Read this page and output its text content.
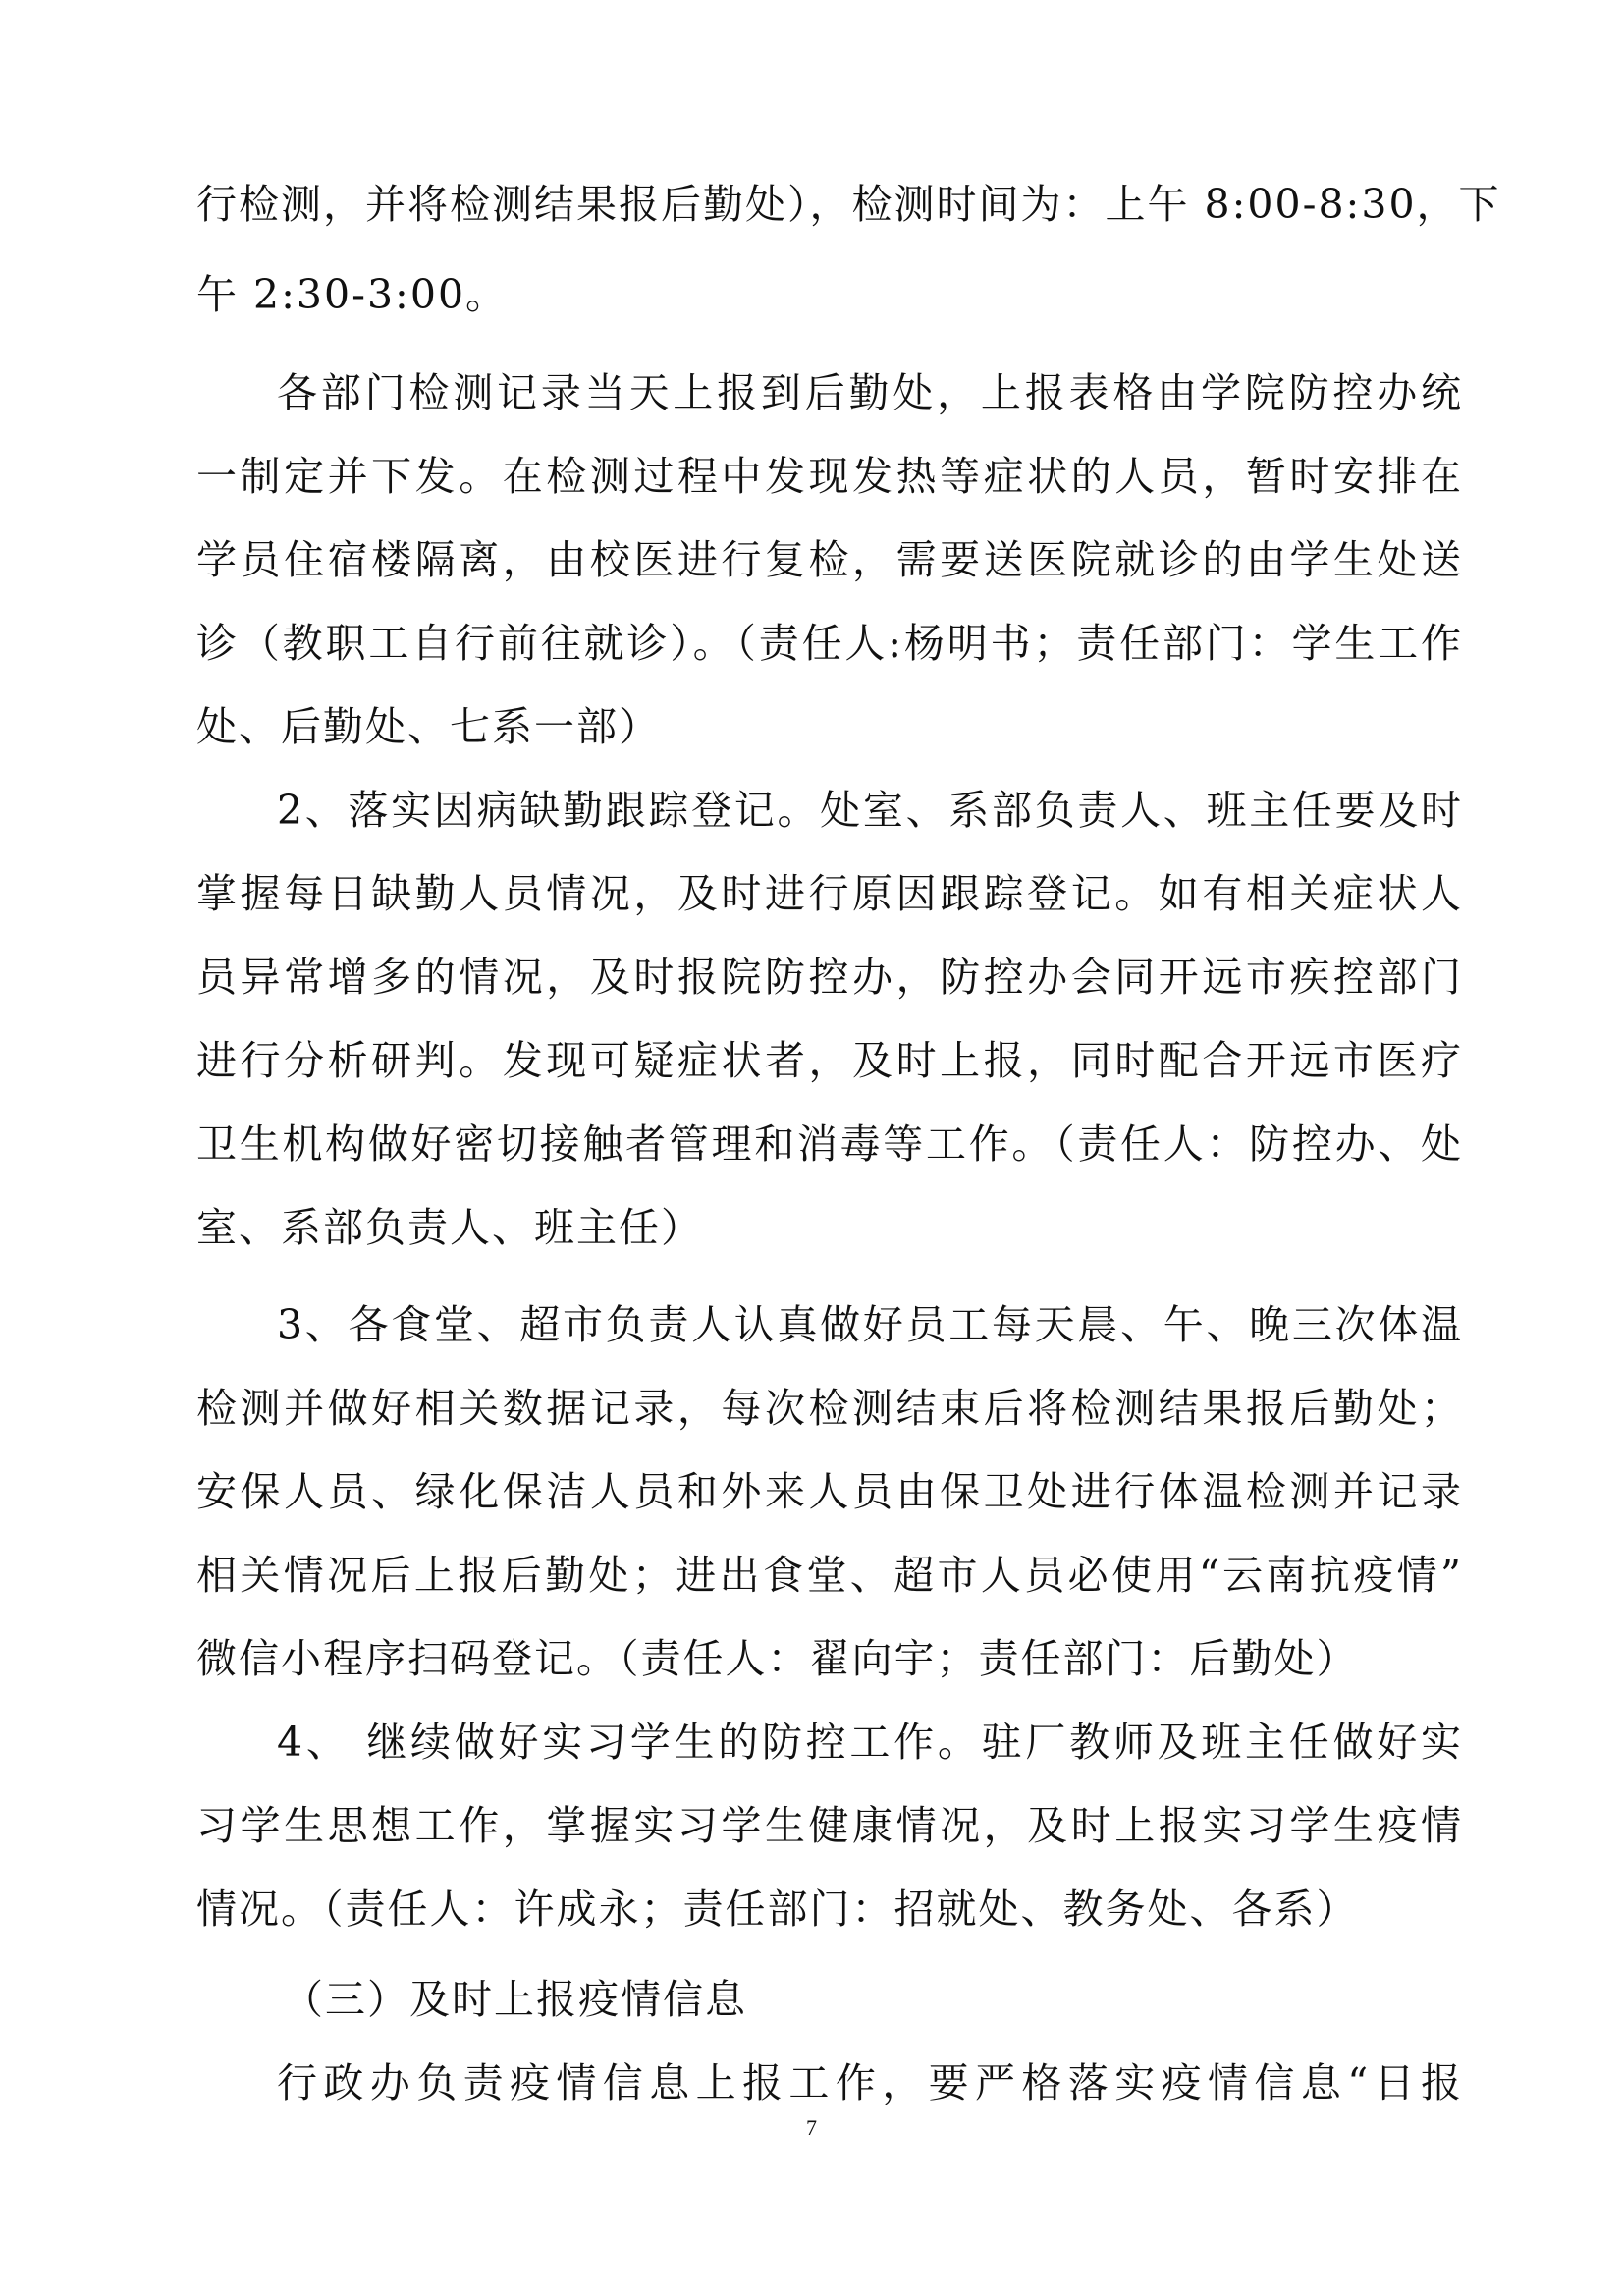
行检测，并将检测结果报后勤处），检测时间为：上午 8:00-8:30，下
午 2:30-3:00。
各部门检测记录当天上报到后勤处，上报表格由学院防控办统
一制定并下发。在检测过程中发现发热等症状的人员，暂时安排在
学员住宿楼隔离，由校医进行复检，需要送医院就诊的由学生处送
诊（教职工自行前往就诊）。（责任人:杨明书；责任部门：学生工作
处、后勤处、七系一部）
2、落实因病缺勤跟踪登记。处室、系部负责人、班主任要及时
掌握每日缺勤人员情况，及时进行原因跟踪登记。如有相关症状人
员异常增多的情况，及时报院防控办，防控办会同开远市疾控部门
进行分析研判。发现可疑症状者，及时上报，同时配合开远市医疗
卫生机构做好密切接触者管理和消毒等工作。（责任人：防控办、处
室、系部负责人、班主任）
3、各食堂、超市负责人认真做好员工每天晨、午、晚三次体温
检测并做好相关数据记录，每次检测结束后将检测结果报后勤处；
安保人员、绿化保洁人员和外来人员由保卫处进行体温检测并记录
相关情况后上报后勤处；进出食堂、超市人员必使用“云南抗疫情”
微信小程序扫码登记。（责任人：翟向宇；责任部门：后勤处）
4、 继续做好实习学生的防控工作。驻厂教师及班主任做好实
习学生思想工作，掌握实习学生健康情况，及时上报实习学生疫情
情况。（责任人：许成永；责任部门：招就处、教务处、各系）
（三）及时上报疫情信息
行政办负责疫情信息上报工作，要严格落实疫情信息“日报
7
